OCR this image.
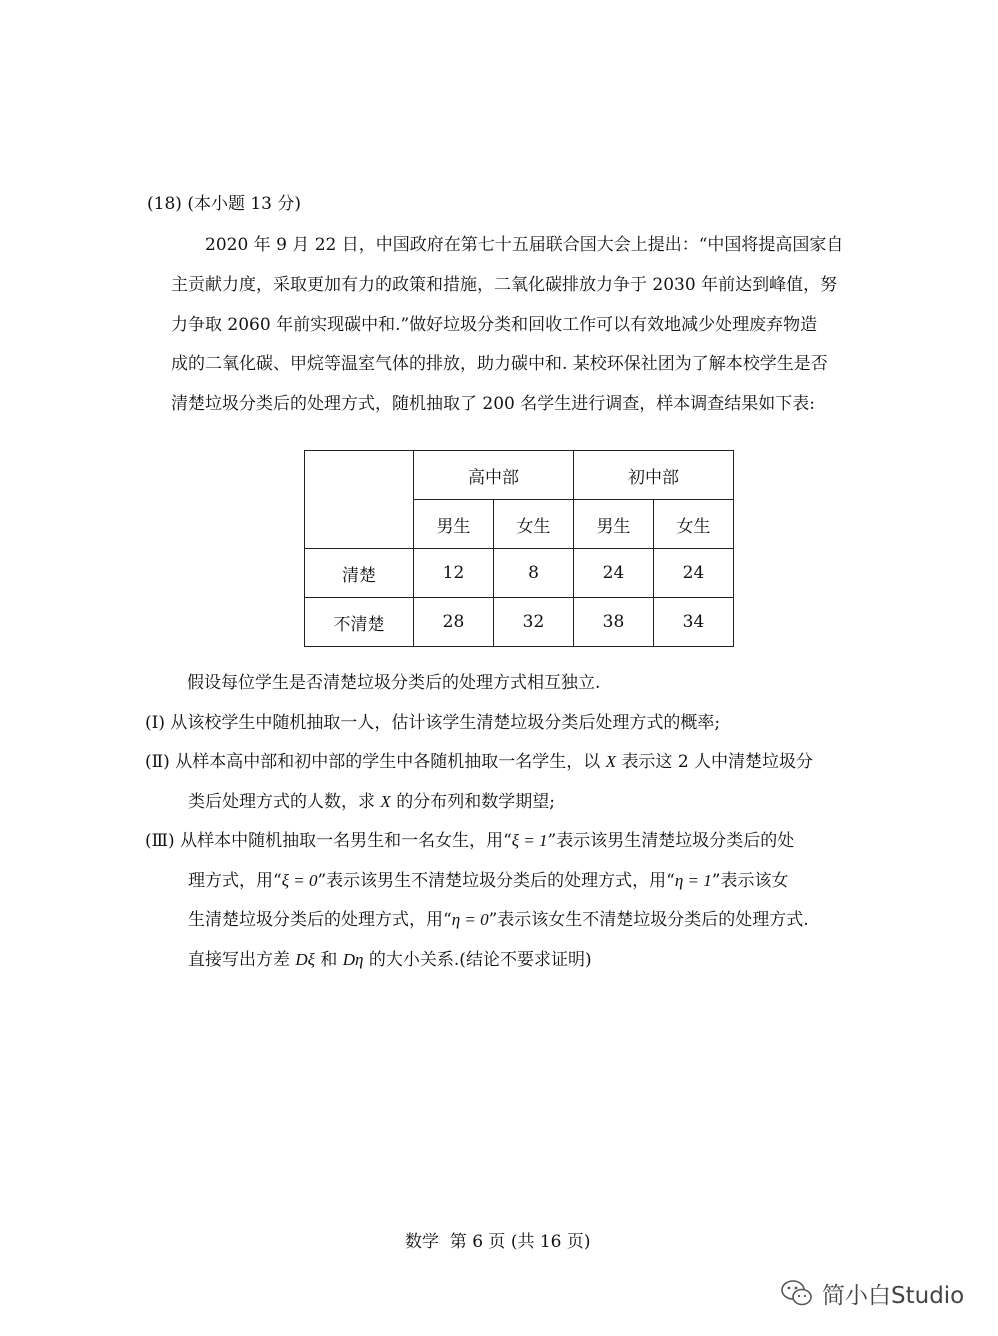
(18) (本小题 13 分)
2020 年 9 月 22 日，中国政府在第七十五届联合国大会上提出：“中国将提高国家自
主贡献力度，采取更加有力的政策和措施，二氧化碳排放力争于 2030 年前达到峰值，努
力争取 2060 年前实现碳中和.”做好垃圾分类和回收工作可以有效地减少处理废弃物造
成的二氧化碳、甲烷等温室气体的排放，助力碳中和. 某校环保社团为了解本校学生是否
清楚垃圾分类后的处理方式，随机抽取了 200 名学生进行调查，样本调查结果如下表:
	高中部		初中部	
	男生	女生	男生	女生
清楚	12	8	24	24
不清楚	28	32	38	34
假设每位学生是否清楚垃圾分类后的处理方式相互独立.
(Ⅰ) 从该校学生中随机抽取一人，估计该学生清楚垃圾分类后处理方式的概率;
(Ⅱ) 从样本高中部和初中部的学生中各随机抽取一名学生，以 X 表示这 2 人中清楚垃圾分
类后处理方式的人数，求 X 的分布列和数学期望;
(Ⅲ) 从样本中随机抽取一名男生和一名女生，用“ξ = 1”表示该男生清楚垃圾分类后的处
理方式，用“ξ = 0”表示该男生不清楚垃圾分类后的处理方式，用“η = 1”表示该女
生清楚垃圾分类后的处理方式，用“η = 0”表示该女生不清楚垃圾分类后的处理方式.
直接写出方差 Dξ 和 Dη 的大小关系.(结论不要求证明)
数学  第 6 页 (共 16 页)
简小白Studio
